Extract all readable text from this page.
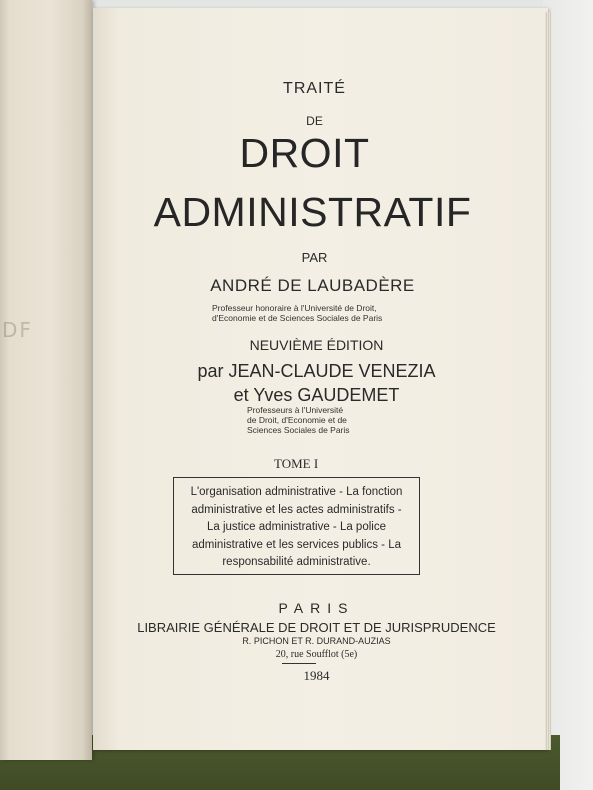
DF
TRAITÉ
DE
DROIT
ADMINISTRATIF
PAR
ANDRÉ DE LAUBADÈRE
Professeur honoraire à l'Université de Droit,
d'Economie et de Sciences Sociales de Paris
NEUVIÈME ÉDITION
par JEAN-CLAUDE VENEZIA
et Yves GAUDEMET
Professeurs à l'Université
de Droit, d'Economie et de
Sciences Sociales de Paris
TOME I
L'organisation administrative - La fonction
administrative et les actes administratifs -
La justice administrative - La police
administrative et les services publics - La
responsabilité administrative.
PARIS
LIBRAIRIE GÉNÉRALE DE DROIT ET DE JURISPRUDENCE
R. PICHON ET R. DURAND-AUZIAS
20, rue Soufflot (5e)
1984
